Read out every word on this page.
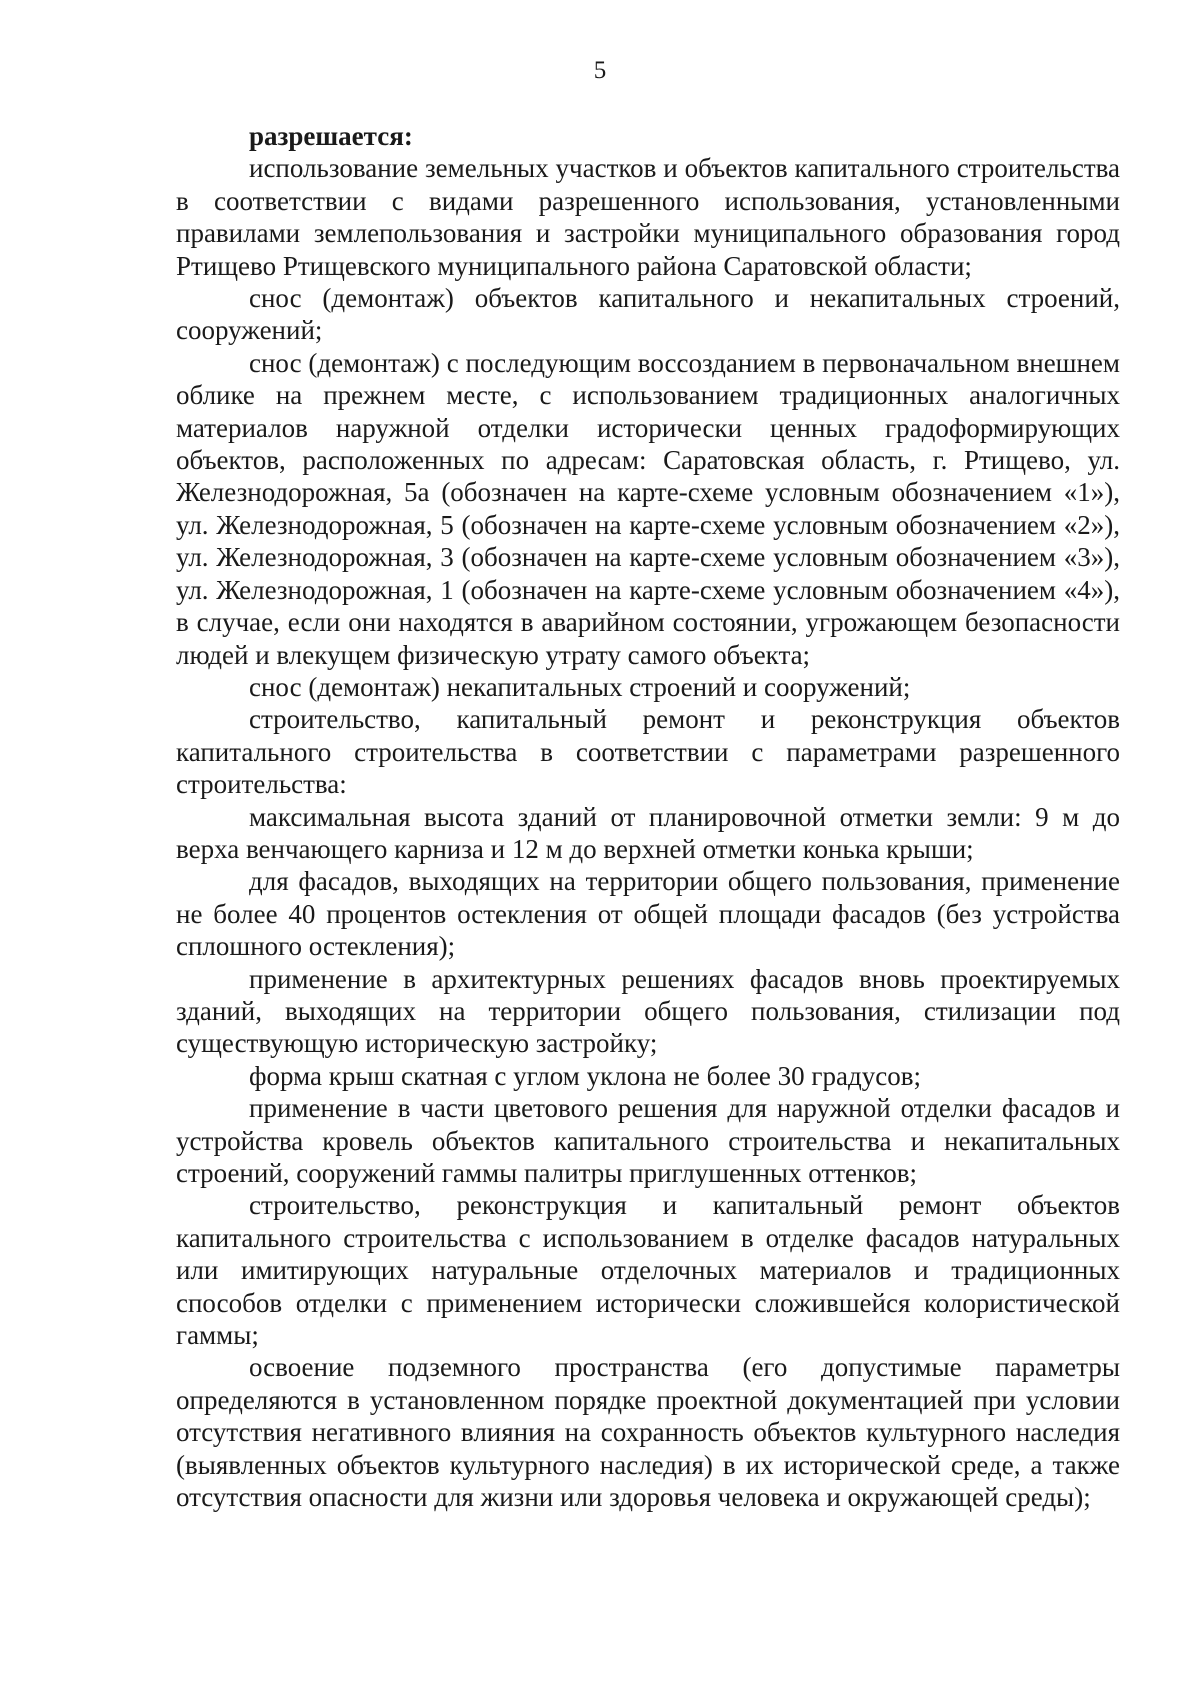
5

разрешается:

использование земельных участков и объектов капитального строительства в соответствии с видами разрешенного использования, установленными правилами землепользования и застройки муниципального образования город Ртищево Ртищевского муниципального района Саратовской области;

снос (демонтаж) объектов капитального и некапитальных строений, сооружений;

снос (демонтаж) с последующим воссозданием в первоначальном внешнем облике на прежнем месте, с использованием традиционных аналогичных материалов наружной отделки исторически ценных градоформирующих объектов, расположенных по адресам: Саратовская область, г. Ртищево, ул. Железнодорожная, 5а (обозначен на карте-схеме условным обозначением «1»), ул. Железнодорожная, 5 (обозначен на карте-схеме условным обозначением «2»), ул. Железнодорожная, 3 (обозначен на карте-схеме условным обозначением «3»), ул. Железнодорожная, 1 (обозначен на карте-схеме условным обозначением «4»), в случае, если они находятся в аварийном состоянии, угрожающем безопасности людей и влекущем физическую утрату самого объекта;

снос (демонтаж) некапитальных строений и сооружений;

строительство, капитальный ремонт и реконструкция объектов капитального строительства в соответствии с параметрами разрешенного строительства:

максимальная высота зданий от планировочной отметки земли: 9 м до верха венчающего карниза и 12 м до верхней отметки конька крыши;

для фасадов, выходящих на территории общего пользования, применение не более 40 процентов остекления от общей площади фасадов (без устройства сплошного остекления);

применение в архитектурных решениях фасадов вновь проектируемых зданий, выходящих на территории общего пользования, стилизации под существующую историческую застройку;

форма крыш скатная с углом уклона не более 30 градусов;

применение в части цветового решения для наружной отделки фасадов и устройства кровель объектов капитального строительства и некапитальных строений, сооружений гаммы палитры приглушенных оттенков;

строительство, реконструкция и капитальный ремонт объектов капитального строительства с использованием в отделке фасадов натуральных или имитирующих натуральные отделочных материалов и традиционных способов отделки с применением исторически сложившейся колористической гаммы;

освоение подземного пространства (его допустимые параметры определяются в установленном порядке проектной документацией при условии отсутствия негативного влияния на сохранность объектов культурного наследия (выявленных объектов культурного наследия) в их исторической среде, а также отсутствия опасности для жизни или здоровья человека и окружающей среды);
